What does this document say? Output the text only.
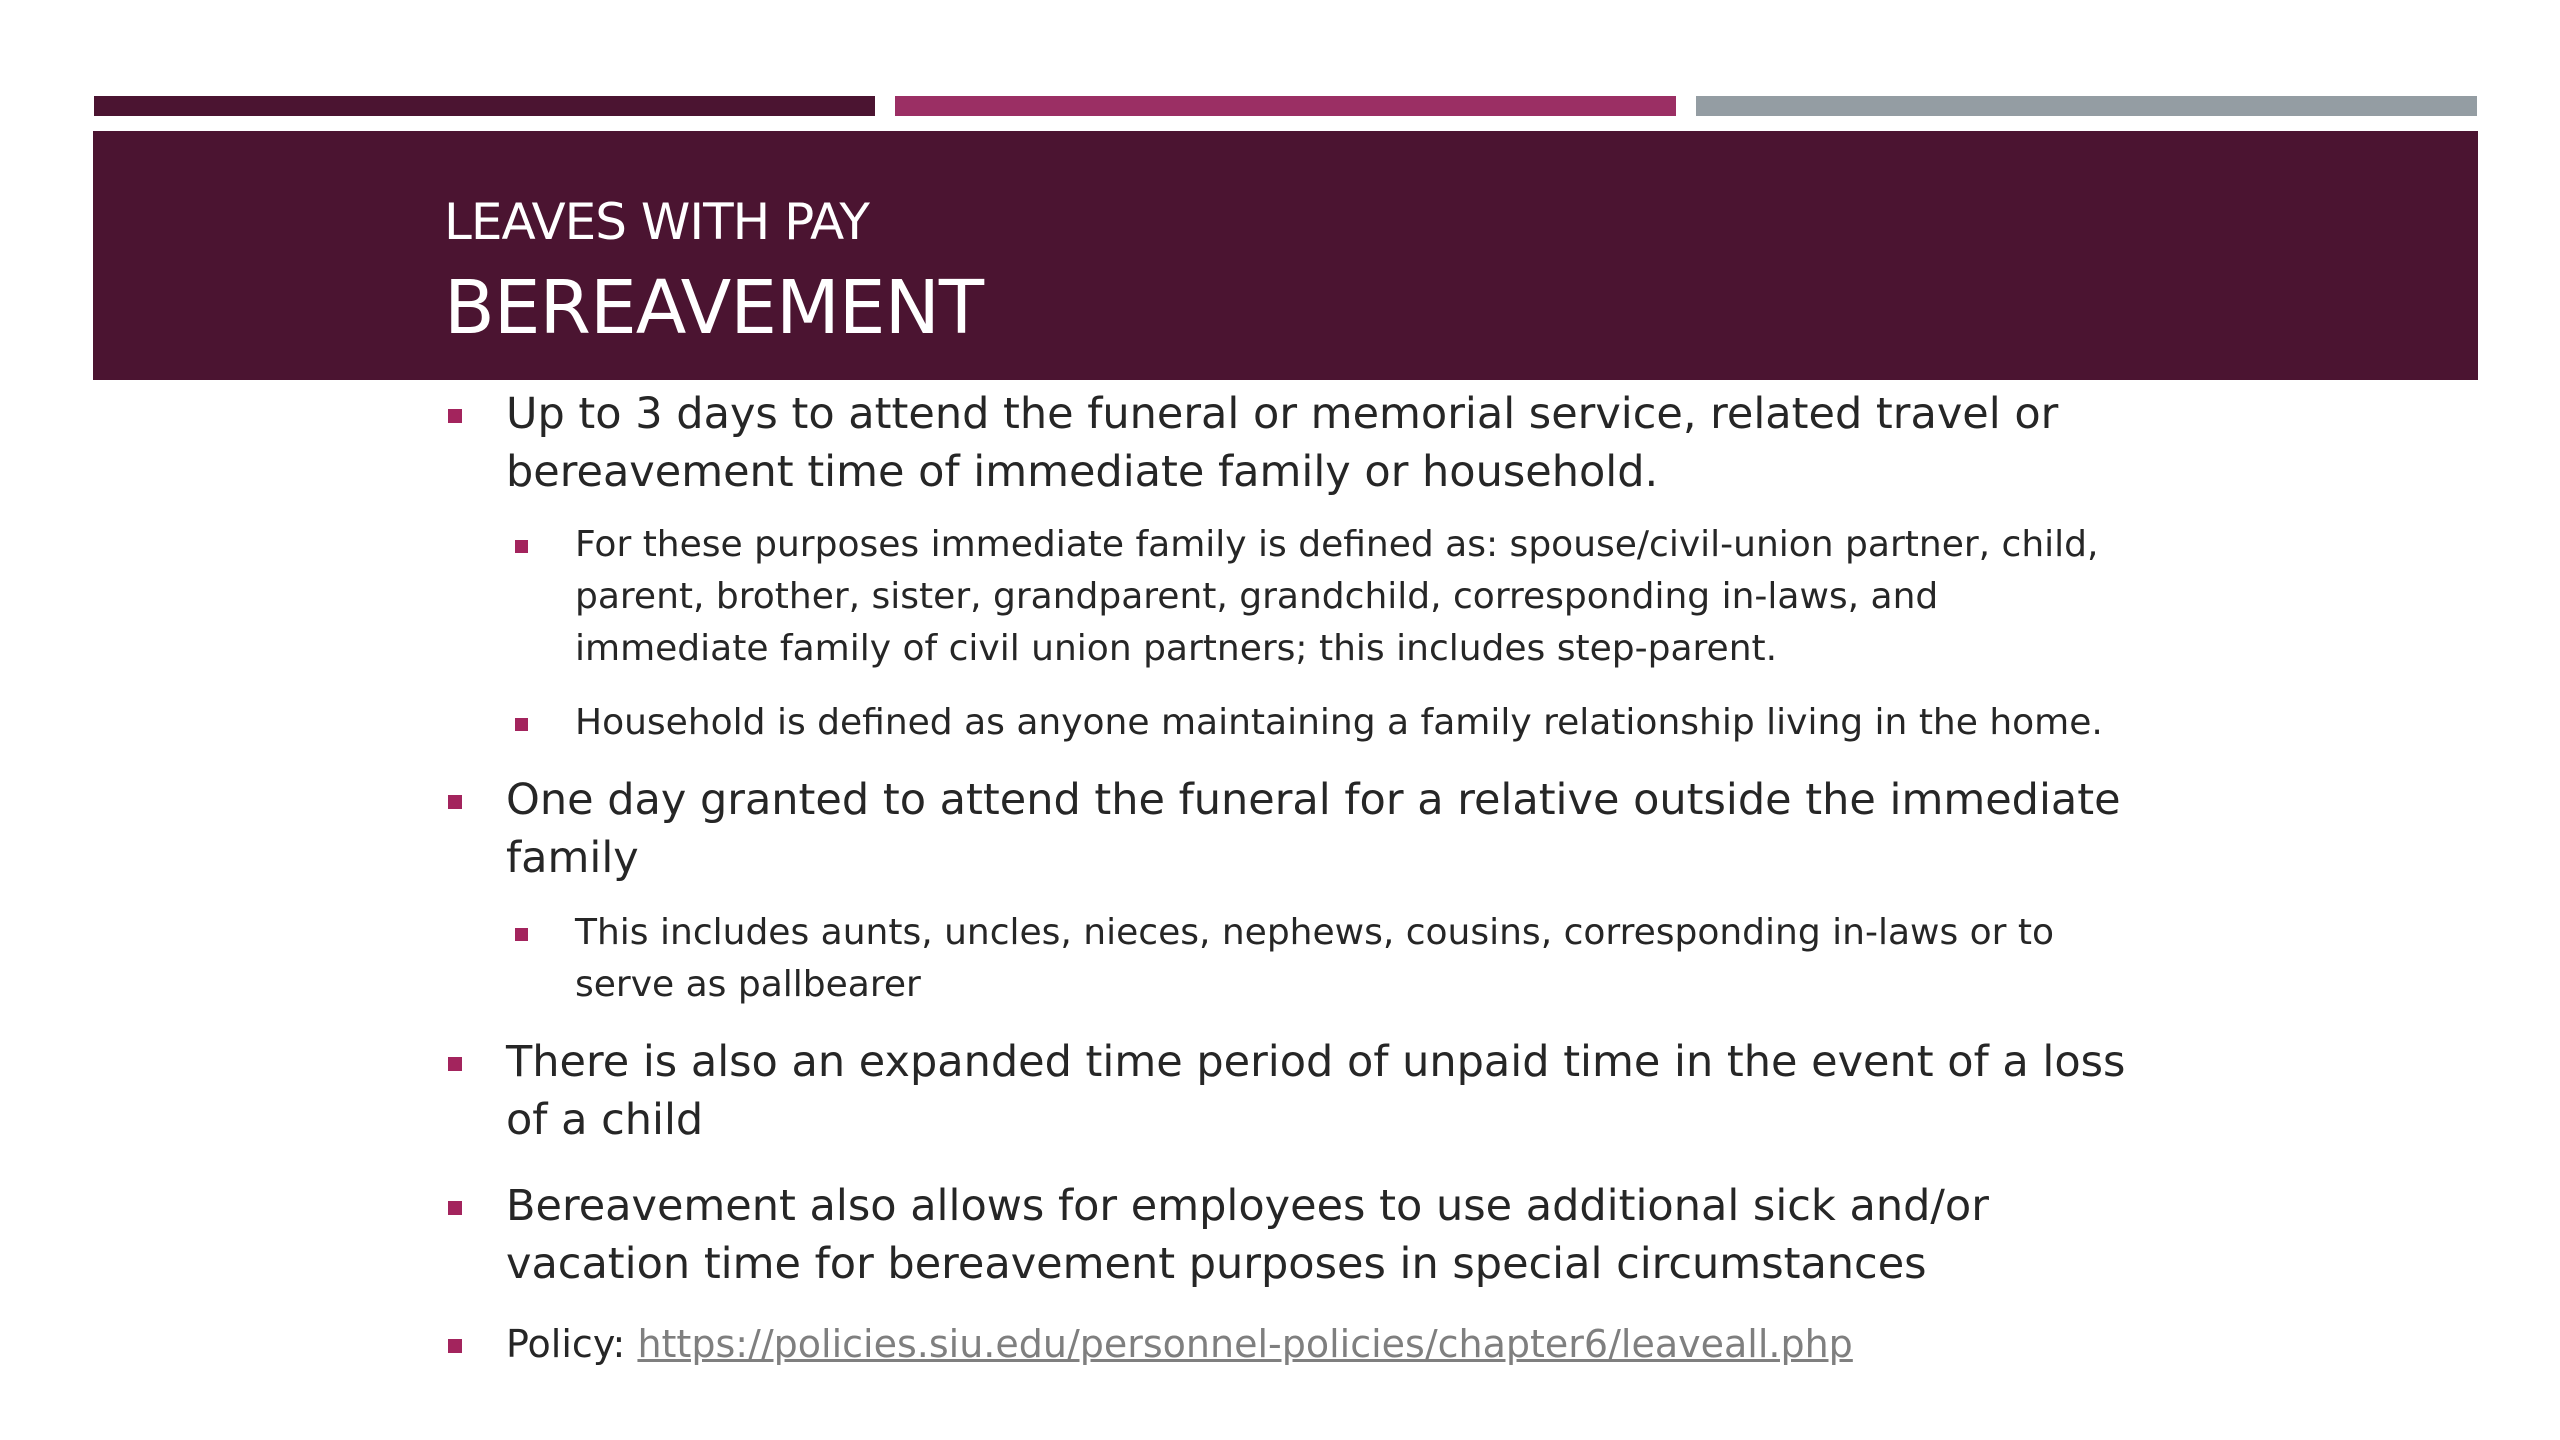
LEAVES WITH PAY
BEREAVEMENT
Up to 3 days to attend the funeral or memorial service, related travel or bereavement time of immediate family or household.
For these purposes immediate family is defined as: spouse/civil-union partner, child, parent, brother, sister, grandparent, grandchild, corresponding in-laws, and immediate family of civil union partners; this includes step-parent.
Household is defined as anyone maintaining a family relationship living in the home.
One day granted to attend the funeral for a relative outside the immediate family
This includes aunts, uncles, nieces, nephews, cousins, corresponding in-laws or to serve as pallbearer
There is also an expanded time period of unpaid time in the event of a loss of a child
Bereavement also allows for employees to use additional sick and/or vacation time for bereavement purposes in special circumstances
Policy: https://policies.siu.edu/personnel-policies/chapter6/leaveall.php
